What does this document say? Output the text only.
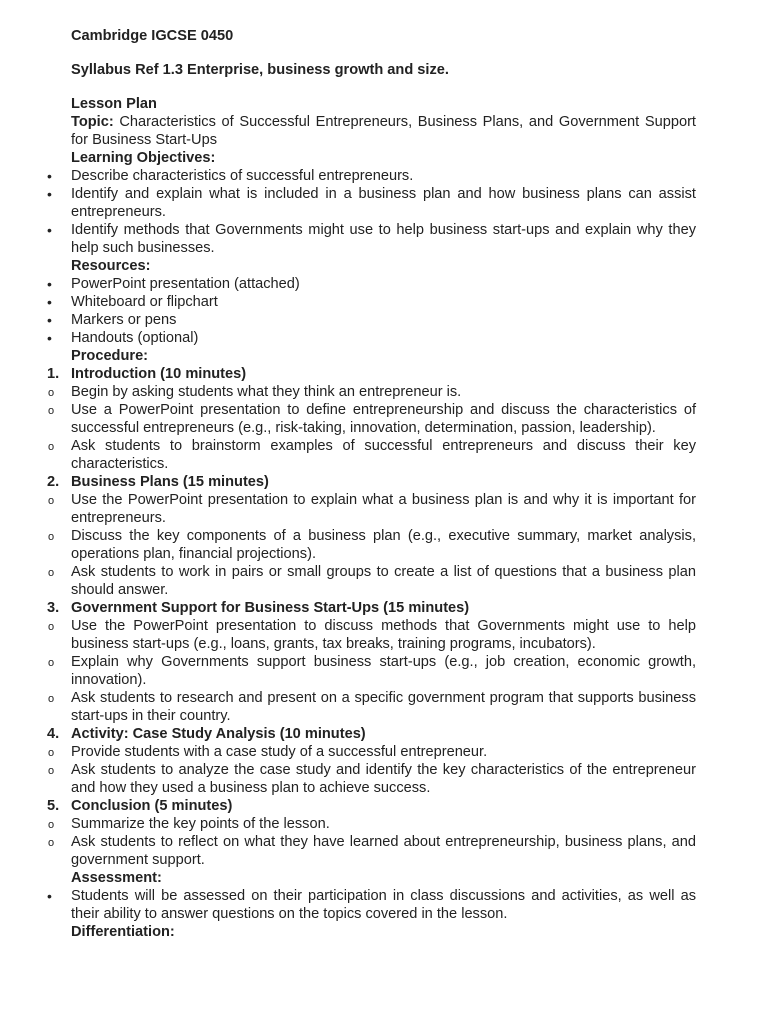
Cambridge IGCSE 0450

Syllabus Ref 1.3 Enterprise, business growth and size.

Lesson Plan

Topic: Characteristics of Successful Entrepreneurs, Business Plans, and Government Support for Business Start-Ups

Learning Objectives:

•	Describe characteristics of successful entrepreneurs.
•	Identify and explain what is included in a business plan and how business plans can assist entrepreneurs.
•	Identify methods that Governments might use to help business start-ups and explain why they help such businesses.

Resources:

•	PowerPoint presentation (attached)
•	Whiteboard or flipchart
•	Markers or pens
•	Handouts (optional)

Procedure:

1. Introduction (10 minutes)
o	Begin by asking students what they think an entrepreneur is.
o	Use a PowerPoint presentation to define entrepreneurship and discuss the characteristics of successful entrepreneurs (e.g., risk-taking, innovation, determination, passion, leadership).
o	Ask students to brainstorm examples of successful entrepreneurs and discuss their key characteristics.
2. Business Plans (15 minutes)
o	Use the PowerPoint presentation to explain what a business plan is and why it is important for entrepreneurs.
o	Discuss the key components of a business plan (e.g., executive summary, market analysis, operations plan, financial projections).
o	Ask students to work in pairs or small groups to create a list of questions that a business plan should answer.
3. Government Support for Business Start-Ups (15 minutes)
o	Use the PowerPoint presentation to discuss methods that Governments might use to help business start-ups (e.g., loans, grants, tax breaks, training programs, incubators).
o	Explain why Governments support business start-ups (e.g., job creation, economic growth, innovation).
o	Ask students to research and present on a specific government program that supports business start-ups in their country.
4. Activity: Case Study Analysis (10 minutes)
o	Provide students with a case study of a successful entrepreneur.
o	Ask students to analyze the case study and identify the key characteristics of the entrepreneur and how they used a business plan to achieve success.
5. Conclusion (5 minutes)
o	Summarize the key points of the lesson.
o	Ask students to reflect on what they have learned about entrepreneurship, business plans, and government support.

Assessment:

•	Students will be assessed on their participation in class discussions and activities, as well as their ability to answer questions on the topics covered in the lesson.

Differentiation:
